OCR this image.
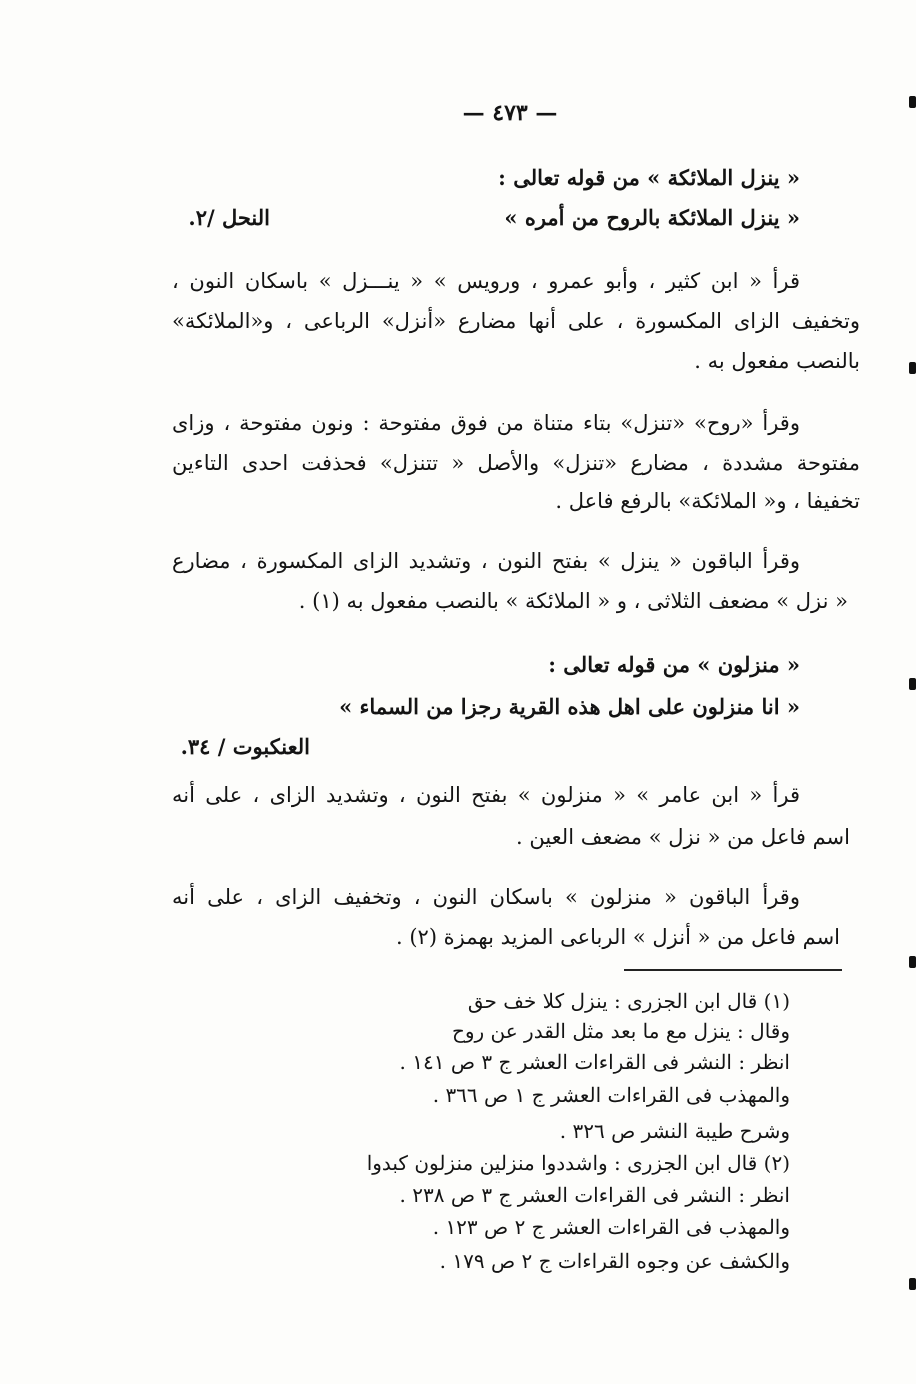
— ٤٧٣ —
« ينزل الملائكة » من قوله تعالى :
« ينزل الملائكة بالروح من أمره »
النحل /٢.
قرأ « ابن كثير ، وأبو عمرو ، ورويس » « ينـــزل » باسكان النون ،
وتخفيف الزاى المكسورة ، على أنها مضارع «أنزل» الرباعى ، و«الملائكة»
بالنصب مفعول به .
وقرأ «روح» «تنزل» بتاء متناة من فوق مفتوحة : ونون مفتوحة ، وزاى
مفتوحة مشددة ، مضارع «تنزل» والأصل « تتنزل» فحذفت احدى التاءين
تخفيفا ، و« الملائكة» بالرفع فاعل .
وقرأ الباقون « ينزل » بفتح النون ، وتشديد الزاى المكسورة ، مضارع
« نزل » مضعف الثلاثى ، و « الملائكة » بالنصب مفعول به (١) .
« منزلون » من قوله تعالى :
« انا منزلون على اهل هذه القرية رجزا من السماء »
العنكبوت / ٣٤.
قرأ « ابن عامر » « منزلون » بفتح النون ، وتشديد الزاى ، على أنه
اسم فاعل من « نزل » مضعف العين .
وقرأ الباقون « منزلون » باسكان النون ، وتخفيف الزاى ، على أنه
اسم فاعل من « أنزل » الرباعى المزيد بهمزة (٢) .
(١) قال ابن الجزرى : ينزل كلا خف حق
وقال : ينزل مع ما بعد مثل القدر عن روح
انظر : النشر فى القراءات العشر ج ٣ ص ١٤١ .
والمهذب فى القراءات العشر ج ١ ص ٣٦٦ .
وشرح طيبة النشر ص ٣٢٦ .
(٢) قال ابن الجزرى : واشددوا منزلين منزلون كبدوا
انظر : النشر فى القراءات العشر ج ٣ ص ٢٣٨ .
والمهذب فى القراءات العشر ج ٢ ص ١٢٣ .
والكشف عن وجوه القراءات ج ٢ ص ١٧٩ .
